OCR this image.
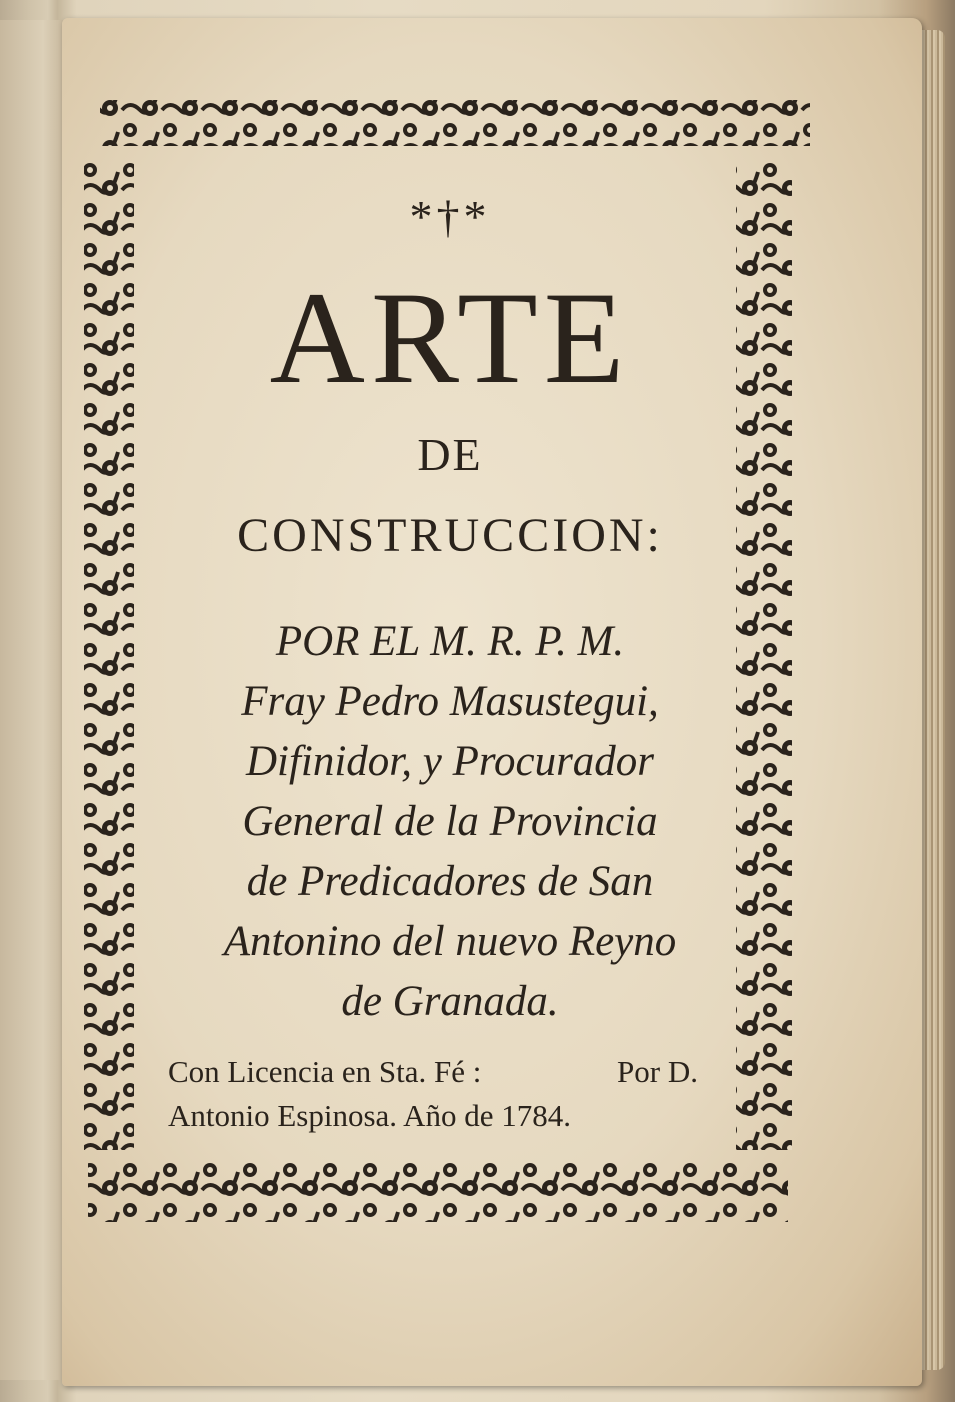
*†*
ARTE
DE
CONSTRUCCION:
POR EL M. R. P. M.
Fray Pedro Masustegui,
Difinidor, y Procurador
General de la Provincia
de Predicadores de San
Antonino del nuevo Reyno
de Granada.
Con Licencia en Sta. Fé :	Por D.
Antonio Espinosa. Año de 1784.
